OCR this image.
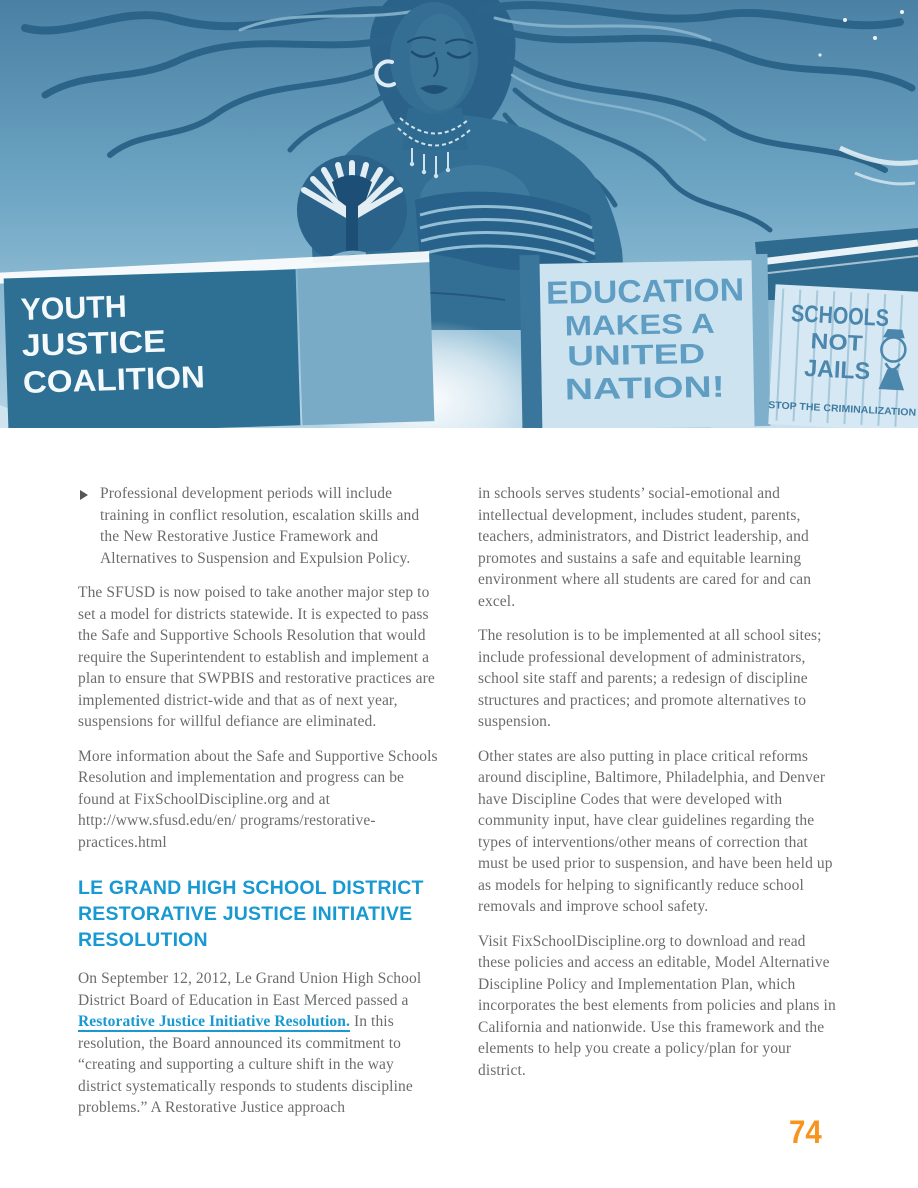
YOUTH
JUSTICE
COALITION
EDUCATION
MAKES A
UNITED
NATION!
SCHOOLS
NOT
JAILS
STOP THE CRIMINALIZATION
Professional development periods will include training in conflict resolution, escalation skills and the New Restorative Justice Framework and Alternatives to Suspension and Expulsion Policy.

The SFUSD is now poised to take another major step to set a model for districts statewide. It is expected to pass the Safe and Supportive Schools Resolution that would require the Superintendent to establish and implement a plan to ensure that SWPBIS and restorative practices are implemented district-wide and that as of next year, suspensions for willful defiance are eliminated.

More information about the Safe and Supportive Schools Resolution and implementation and progress can be found at FixSchoolDiscipline.org and at http://www.sfusd.edu/en/ programs/restorative-practices.html

LE GRAND HIGH SCHOOL DISTRICT RESTORATIVE JUSTICE INITIATIVE RESOLUTION

On September 12, 2012, Le Grand Union High School District Board of Education in East Merced passed a Restorative Justice Initiative Resolution. In this resolution, the Board announced its commitment to “creating and supporting a culture shift in the way district systematically responds to students discipline problems.” A Restorative Justice approach

in schools serves students’ social-emotional and intellectual development, includes student, parents, teachers, administrators, and District leadership, and promotes and sustains a safe and equitable learning environment where all students are cared for and can excel.

The resolution is to be implemented at all school sites; include professional development of administrators, school site staff and parents; a redesign of discipline structures and practices; and promote alternatives to suspension.

Other states are also putting in place critical reforms around discipline, Baltimore, Philadelphia, and Denver have Discipline Codes that were developed with community input, have clear guidelines regarding the types of interventions/other means of correction that must be used prior to suspension, and have been held up as models for helping to significantly reduce school removals and improve school safety.

Visit FixSchoolDiscipline.org to download and read these policies and access an editable, Model Alternative Discipline Policy and Implementation Plan, which incorporates the best elements from policies and plans in California and nationwide. Use this framework and the elements to help you create a policy/plan for your district.

74
